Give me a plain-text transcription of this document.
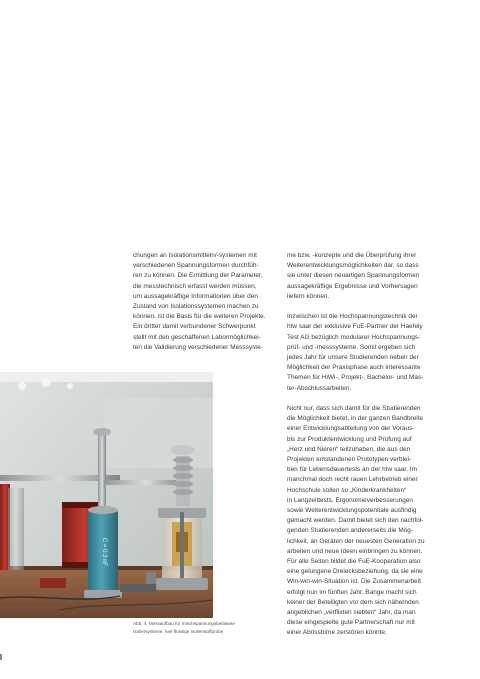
chungen an Isolationsmitteln/-systemen mit
verschiedenen Spannungsformen durchfüh-
ren zu können. Die Ermittlung der Parameter,
die messtechnisch erfasst werden müssen,
um aussagekräftige Informationen über den
Zustand von Isolationssystemen machen zu
können, ist die Basis für die weiteren Projekte.
Ein dritter damit verbundener Schwerpunkt
stellt mit den geschaffenen Labormöglichkei-
ten die Validierung verschiedener Messsyste-
me bzw. -konzepte und die Überprüfung ihrer
Weiterentwicklungsmöglichkeiten dar, so dass
sie unter diesen neuartigen Spannungsformen
aussagekräftige Ergebnisse und Vorhersagen
liefern können.
Inzwischen ist die Hochspannungstechnik der
htw saar der exklusive FuE-Partner der Haefely
Test AG bezüglich modularer Hochspannungs-
prüf- und -messsysteme. Somit ergeben sich
jedes Jahr für unsere Studierenden neben der
Möglichkeit der Praxisphase auch interessante
Themen für HiWi-, Projekt-, Bachelor- und Mas-
ter-Abschlussarbeiten.
Nicht nur, dass sich damit für die Studierenden
die Möglichkeit bietet, in der ganzen Bandbreite
einer Entwicklungsabteilung von der Voraus-
bis zur Produktentwicklung und Prüfung auf
„Herz und Nieren“ teilzuhaben, die aus den
Projekten entstandenen Prototypen verblei-
ben für Lebensdauertests an der htw saar. Im
manchmal doch recht rauen Lehrbetrieb einer
Hochschule sollen so „Kinderkrankheiten“
in Langzeittests, Ergonomieverbesserungen
sowie Weiterentwicklungspotentiale ausfindig
gemacht werden. Damit bietet sich den nachfol-
genden Studierenden andererseits die Mög-
lichkeit, an Geräten der neuesten Generation zu
arbeiten und neue Ideen einbringen zu können.
Für alle Seiten bildet die FuE-Kooperation also
eine gelungene Dreiecksbeziehung, da sie eine
Win-win-win-Situation ist. Die Zusammenarbeit
erfolgt nun im fünften Jahr. Bange macht sich
keiner der Beteiligten vor dem sich nähernden
angeblichen „verflixten siebten“ Jahr, da man
diese eingespielte gute Partnerschaft nur mit
einer Abrissbirne zerstören könnte.
C = 0.3 nF
Abb. 4: Messaufbau für mischspannungsbelastete
Isoliersysteme, hier flüssige Isolierstoffprobe
